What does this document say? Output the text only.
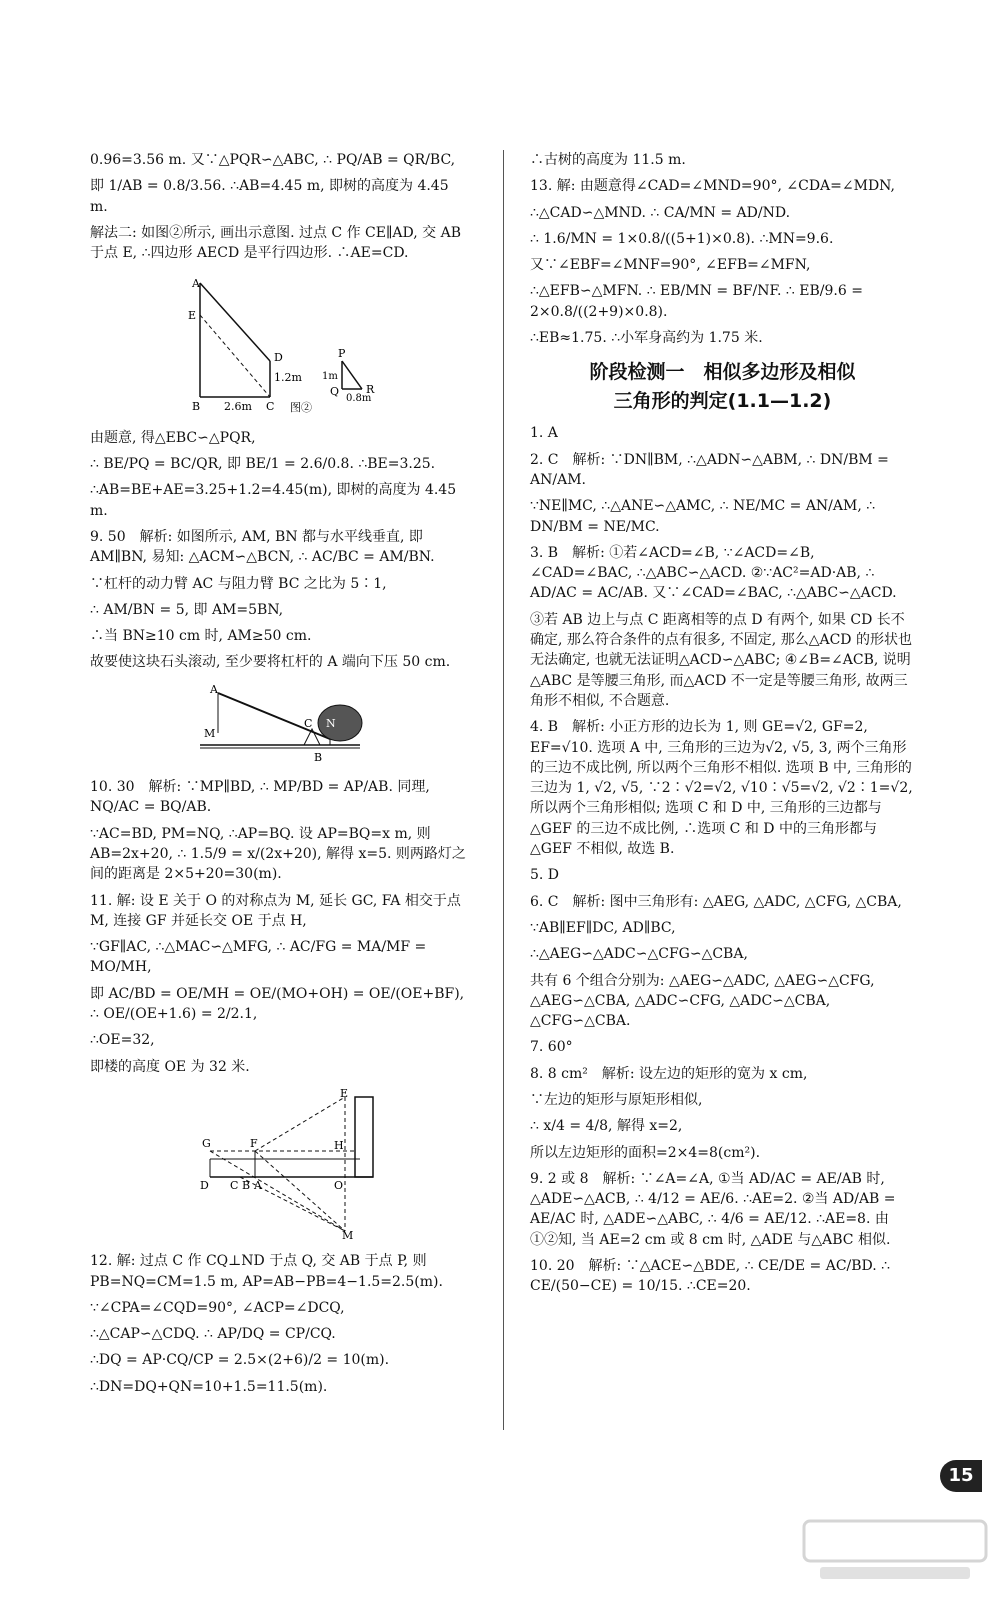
0.96=3.56 m. 又∵△PQR∽△ABC, ∴ PQ/AB = QR/BC,
即 1/AB = 0.8/3.56. ∴AB=4.45 m, 即树的高度为 4.45 m.
解法二: 如图②所示, 画出示意图. 过点 C 作 CE∥AD, 交 AB 于点 E, ∴四边形 AECD 是平行四边形. ∴AE=CD.
A
E
D
B	C
2.6m
1.2m
P
Q R
1m
0.8m
图②
由题意, 得△EBC∽△PQR,
∴ BE/PQ = BC/QR, 即 BE/1 = 2.6/0.8. ∴BE=3.25.
∴AB=BE+AE=3.25+1.2=4.45(m), 即树的高度为 4.45 m.
9. 50　解析: 如图所示, AM, BN 都与水平线垂直, 即 AM∥BN, 易知: △ACM∽△BCN, ∴ AC/BC = AM/BN.
∵杠杆的动力臂 AC 与阻力臂 BC 之比为 5∶1,
∴ AM/BN = 5, 即 AM=5BN,
∴当 BN≥10 cm 时, AM≥50 cm.
故要使这块石头滚动, 至少要将杠杆的 A 端向下压 50 cm.
A
M
C N
B
10. 30　解析: ∵MP∥BD, ∴ MP/BD = AP/AB. 同理, NQ/AC = BQ/AB.
∵AC=BD, PM=NQ, ∴AP=BQ. 设 AP=BQ=x m, 则 AB=2x+20, ∴ 1.5/9 = x/(2x+20), 解得 x=5. 则两路灯之间的距离是 2×5+20=30(m).
11. 解: 设 E 关于 O 的对称点为 M, 延长 GC, FA 相交于点 M, 连接 GF 并延长交 OE 于点 H,
∵GF∥AC, ∴△MAC∽△MFG, ∴ AC/FG = MA/MF = MO/MH,
即 AC/BD = OE/MH = OE/(MO+OH) = OE/(OE+BF), ∴ OE/(OE+1.6) = 2/2.1,
∴OE=32,
即楼的高度 OE 为 32 米.
E
G	F	H
D C B A	O
M
12. 解: 过点 C 作 CQ⊥ND 于点 Q, 交 AB 于点 P, 则 PB=NQ=CM=1.5 m, AP=AB−PB=4−1.5=2.5(m).
∵∠CPA=∠CQD=90°, ∠ACP=∠DCQ,
∴△CAP∽△CDQ. ∴ AP/DQ = CP/CQ.
∴DQ = AP·CQ/CP = 2.5×(2+6)/2 = 10(m).
∴DN=DQ+QN=10+1.5=11.5(m).
∴古树的高度为 11.5 m.
13. 解: 由题意得∠CAD=∠MND=90°, ∠CDA=∠MDN,
∴△CAD∽△MND. ∴ CA/MN = AD/ND.
∴ 1.6/MN = 1×0.8/((5+1)×0.8). ∴MN=9.6.
又∵∠EBF=∠MNF=90°, ∠EFB=∠MFN,
∴△EFB∽△MFN. ∴ EB/MN = BF/NF. ∴ EB/9.6 = 2×0.8/((2+9)×0.8).
∴EB≈1.75. ∴小军身高约为 1.75 米.
阶段检测一　相似多边形及相似
三角形的判定(1.1—1.2)
1. A
2. C　解析: ∵DN∥BM, ∴△ADN∽△ABM, ∴ DN/BM = AN/AM.
∵NE∥MC, ∴△ANE∽△AMC, ∴ NE/MC = AN/AM, ∴ DN/BM = NE/MC.
3. B　解析: ①若∠ACD=∠B, ∵∠ACD=∠B, ∠CAD=∠BAC, ∴△ABC∽△ACD. ②∵AC²=AD·AB, ∴ AD/AC = AC/AB. 又∵∠CAD=∠BAC, ∴△ABC∽△ACD.
③若 AB 边上与点 C 距离相等的点 D 有两个, 如果 CD 长不确定, 那么符合条件的点有很多, 不固定, 那么△ACD 的形状也无法确定, 也就无法证明△ACD∽△ABC; ④∠B=∠ACB, 说明△ABC 是等腰三角形, 而△ACD 不一定是等腰三角形, 故两三角形不相似, 不合题意.
4. B　解析: 小正方形的边长为 1, 则 GE=√2, GF=2, EF=√10. 选项 A 中, 三角形的三边为√2, √5, 3, 两个三角形的三边不成比例, 所以两个三角形不相似. 选项 B 中, 三角形的三边为 1, √2, √5, ∵2∶√2=√2, √10∶√5=√2, √2∶1=√2, 所以两个三角形相似; 选项 C 和 D 中, 三角形的三边都与△GEF 的三边不成比例, ∴选项 C 和 D 中的三角形都与△GEF 不相似, 故选 B.
5. D
6. C　解析: 图中三角形有: △AEG, △ADC, △CFG, △CBA,
∵AB∥EF∥DC, AD∥BC,
∴△AEG∽△ADC∽△CFG∽△CBA,
共有 6 个组合分别为: △AEG∽△ADC, △AEG∽△CFG, △AEG∽△CBA, △ADC∽CFG, △ADC∽△CBA, △CFG∽△CBA.
7. 60°
8. 8 cm²　解析: 设左边的矩形的宽为 x cm,
∵左边的矩形与原矩形相似,
∴ x/4 = 4/8, 解得 x=2,
所以左边矩形的面积=2×4=8(cm²).
9. 2 或 8　解析: ∵∠A=∠A, ①当 AD/AC = AE/AB 时, △ADE∽△ACB, ∴ 4/12 = AE/6. ∴AE=2. ②当 AD/AB = AE/AC 时, △ADE∽△ABC, ∴ 4/6 = AE/12. ∴AE=8. 由①②知, 当 AE=2 cm 或 8 cm 时, △ADE 与△ABC 相似.
10. 20　解析: ∵△ACE∽△BDE, ∴ CE/DE = AC/BD. ∴ CE/(50−CE) = 10/15. ∴CE=20.
15
